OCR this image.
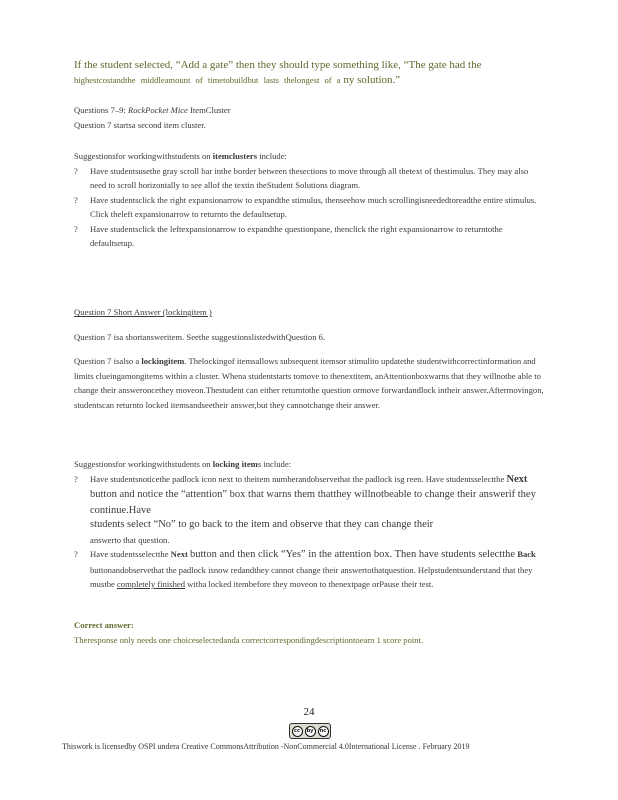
If the student selected, “Add a gate” then they should type something like, “The gate had the
highestcostandthe middleamount of timetobuildbut lasts thelongest of a ny solution.”

Questions 7–9: RockPocket Mice ItemCluster

Question 7 startsa second item cluster.

Suggestionsfor workingwithstudents on itemclusters include:

? Have studentsusethe gray scroll bar inthe border between thesections to move through all thetext of thestimulus. They may also need to scroll horizontally to see allof the textin theStudent Solutions diagram.
? Have studentsclick the right expansionarrow to expandthe stimulus, thenseehow much scrollingisneededtoreadthe entire stimulus. Click theleft expansionarrow to returnto the defaultsetup.
? Have studentsclick the leftexpansionarrow to expandthe questionpane, thenclick the right expansionarrow to returntothe defaultsetup.

Question 7 Short Answer (lockingitem )

Question 7 isa shortansweritem. Seethe suggestionslistedwithQuestion 6.

Question 7 isalso a lockingitem. Thelockingof itemsallows subsequent itemsor stimulito updatethe studentwithcorrectinformation and limits clueingamongitems within a cluster. Whena studentstarts tomove to thenextitem, anAttentionboxwarns that they willnotbe able to change their answeroncethey moveon.Thestudent can either returntothe question ormove forwardandlock intheir answer.Aftermovingon, studentscan returnto locked itemsandseetheir answer,but they cannotchange their answer.

Suggestionsfor workingwithstudents on locking items include:

? Have studentsnoticethe padlock icon next to theitem numberandobservethat the padlock isg reen. Have studentsselectthe Next button and notice the “attention” box that warns them thatthey willnotbeable to change their answerif they continue.Have
students select “No” to go back to the item and observe that they can change their
answerto that question.
? Have studentsselectthe Next button and then click “Yes” in the attention box. Then have students selectthe Back buttonandobservethat the padlock isnow redandthey cannot change their answertothatquestion. Helpstudentsunderstand that they mustbe completely finished witha locked itembefore they moveon to thenextpage orPause their test.

Correct answer:

Theresponse only needs one choiceselectedanda correctcorrespondingdescriptiontoearn 1 score point.

24
cc	by	nc
Thiswork is licensedby OSPI undera Creative CommonsAttribution -NonCommercial 4.0International License . February 2019
